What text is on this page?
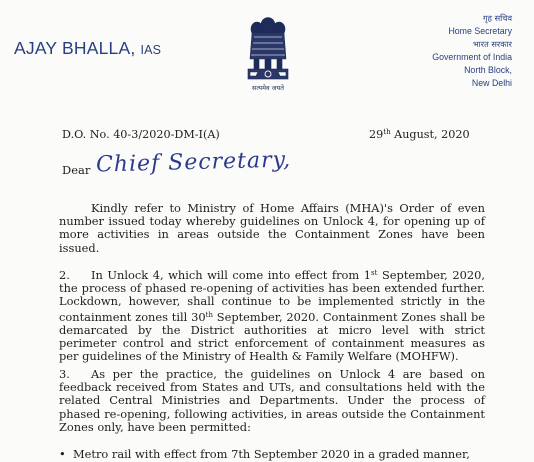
AJAY BHALLA, IAS
सत्यमेव जयते
गृह सचिव
Home Secretary
भारत सरकार
Government of India
North Block,
New Delhi
D.O. No. 40-3/2020-DM-I(A)	29th August, 2020
Dear Chief Secretary,
Kindly refer to Ministry of Home Affairs (MHA)'s Order of even number issued today whereby guidelines on Unlock 4, for opening up of more activities in areas outside the Containment Zones have been issued.
2. In Unlock 4, which will come into effect from 1st September, 2020, the process of phased re-opening of activities has been extended further. Lockdown, however, shall continue to be implemented strictly in the containment zones till 30th September, 2020. Containment Zones shall be demarcated by the District authorities at micro level with strict perimeter control and strict enforcement of containment measures as per guidelines of the Ministry of Health & Family Welfare (MOHFW).
3. As per the practice, the guidelines on Unlock 4 are based on feedback received from States and UTs, and consultations held with the related Central Ministries and Departments. Under the process of phased re-opening, following activities, in areas outside the Containment Zones only, have been permitted:
• Metro rail with effect from 7th September 2020 in a graded manner,
